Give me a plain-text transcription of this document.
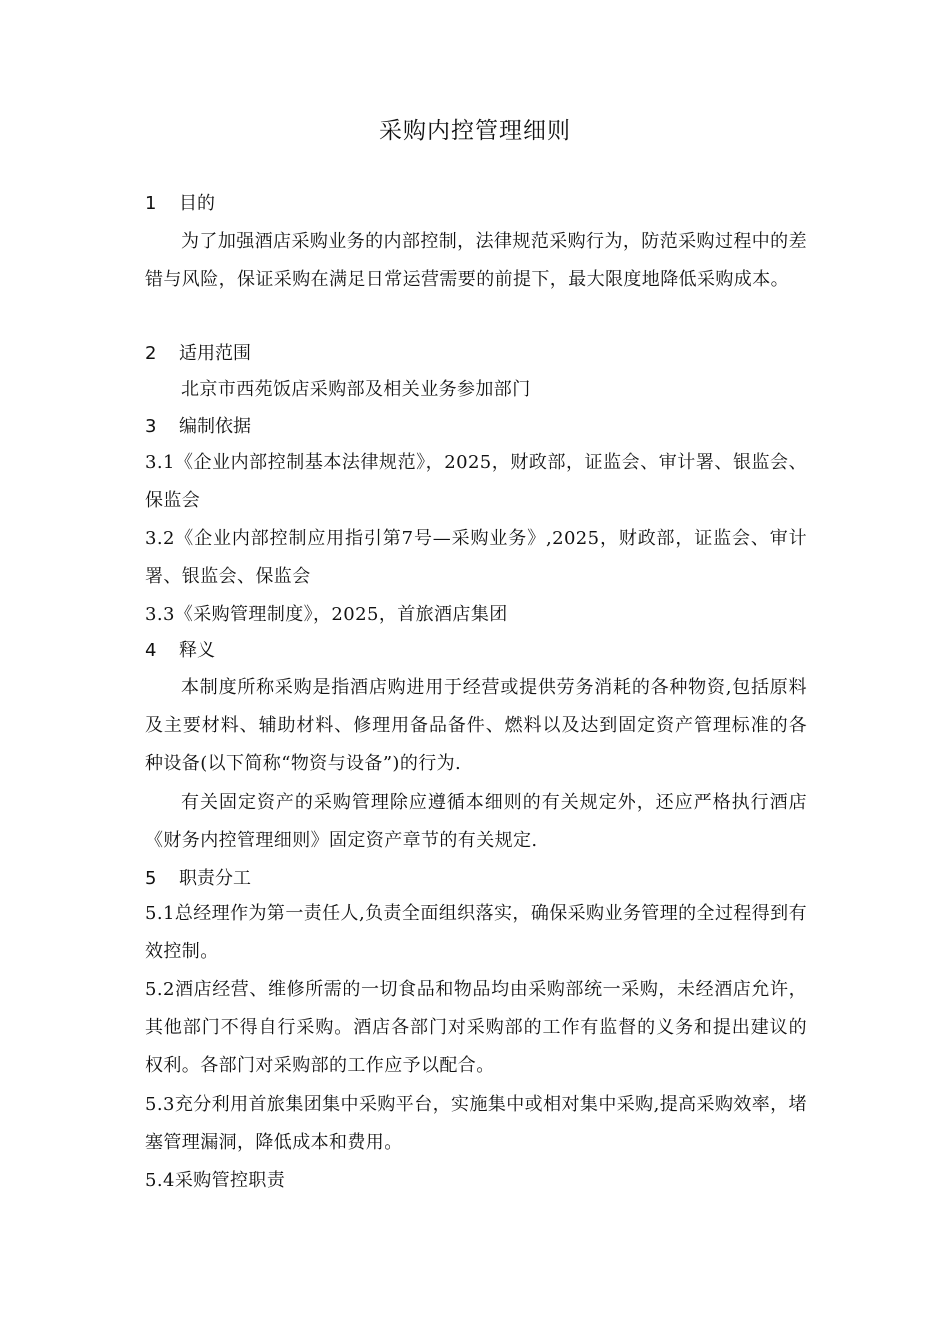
采购内控管理细则
1 目的
为了加强酒店采购业务的内部控制，法律规范采购行为，防范采购过程中的差错与风险，保证采购在满足日常运营需要的前提下，最大限度地降低采购成本。
2 适用范围
北京市西苑饭店采购部及相关业务参加部门
3 编制依据
3.1《企业内部控制基本法律规范》，2025，财政部，证监会、审计署、银监会、保监会
3.2《企业内部控制应用指引第7号—采购业务》,2025，财政部，证监会、审计署、银监会、保监会
3.3《采购管理制度》，2025，首旅酒店集团
4 释义
本制度所称采购是指酒店购进用于经营或提供劳务消耗的各种物资,包括原料及主要材料、辅助材料、修理用备品备件、燃料以及达到固定资产管理标准的各种设备(以下简称“物资与设备”)的行为.
有关固定资产的采购管理除应遵循本细则的有关规定外，还应严格执行酒店《财务内控管理细则》固定资产章节的有关规定.
5 职责分工
5.1总经理作为第一责任人,负责全面组织落实，确保采购业务管理的全过程得到有效控制。
5.2酒店经营、维修所需的一切食品和物品均由采购部统一采购，未经酒店允许，其他部门不得自行采购。酒店各部门对采购部的工作有监督的义务和提出建议的权利。各部门对采购部的工作应予以配合。
5.3充分利用首旅集团集中采购平台，实施集中或相对集中采购,提高采购效率，堵塞管理漏洞，降低成本和费用。
5.4采购管控职责
